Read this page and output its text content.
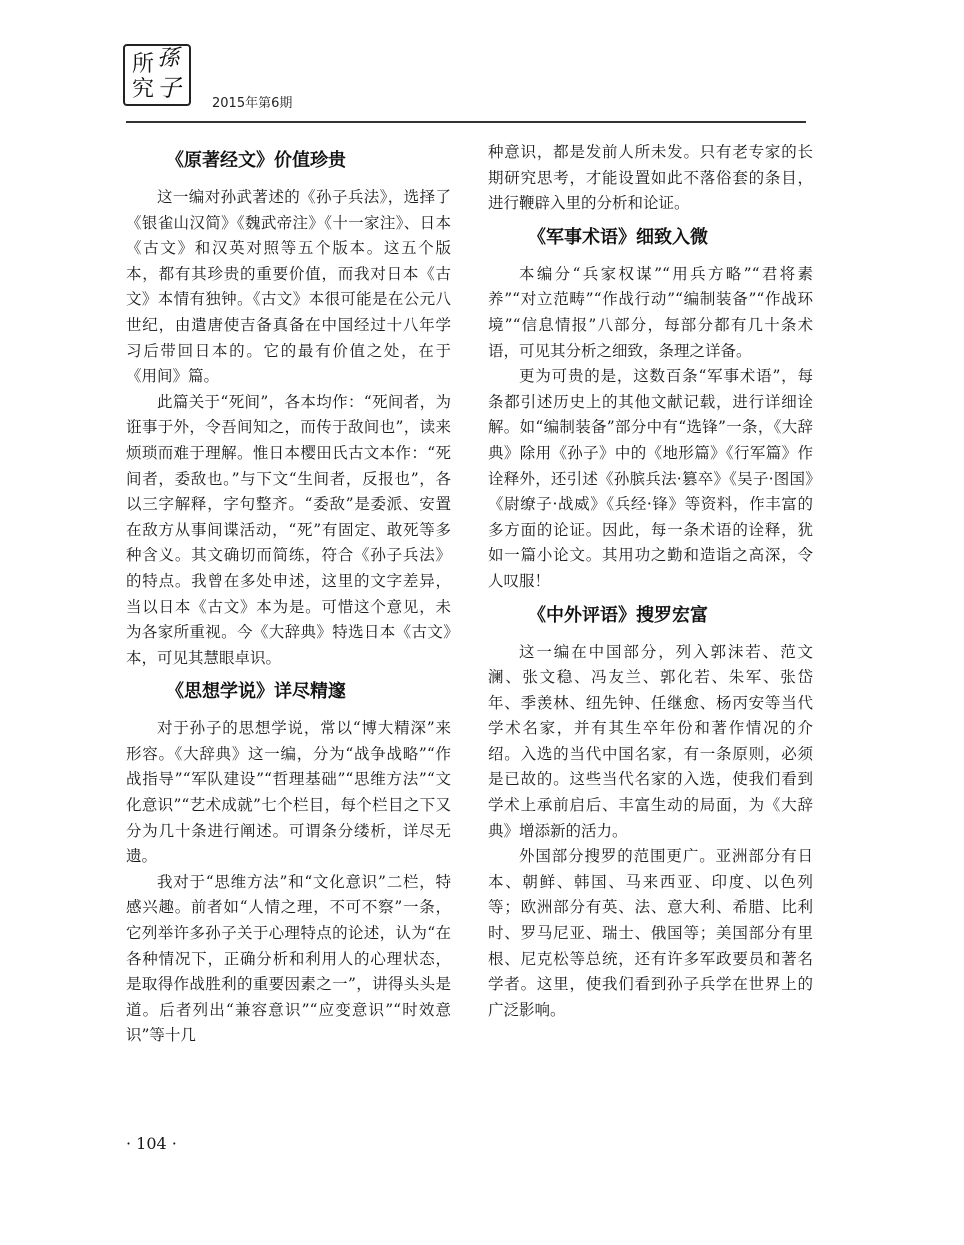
所 孫
究 子
2015年第6期
《原著经文》价值珍贵

这一编对孙武著述的《孙子兵法》，选择了《银雀山汉简》《魏武帝注》《十一家注》、日本《古文》和汉英对照等五个版本。这五个版本，都有其珍贵的重要价值，而我对日本《古文》本情有独钟。《古文》本很可能是在公元八世纪，由遣唐使吉备真备在中国经过十八年学习后带回日本的。它的最有价值之处，在于《用间》篇。

此篇关于“死间”，各本均作：“死间者，为诳事于外，令吾间知之，而传于敌间也”，读来烦琐而难于理解。惟日本樱田氏古文本作：“死间者，委敌也。”与下文“生间者，反报也”，各以三字解释，字句整齐。“委敌”是委派、安置在敌方从事间谍活动，“死”有固定、敢死等多种含义。其文确切而简练，符合《孙子兵法》的特点。我曾在多处申述，这里的文字差异，当以日本《古文》本为是。可惜这个意见，未为各家所重视。今《大辞典》特选日本《古文》本，可见其慧眼卓识。

《思想学说》详尽精邃

对于孙子的思想学说，常以“博大精深”来形容。《大辞典》这一编，分为“战争战略”“作战指导”“军队建设”“哲理基础”“思维方法”“文化意识”“艺术成就”七个栏目，每个栏目之下又分为几十条进行阐述。可谓条分缕析，详尽无遗。

我对于“思维方法”和“文化意识”二栏，特感兴趣。前者如“人情之理，不可不察”一条，它列举许多孙子关于心理特点的论述，认为“在各种情况下，正确分析和利用人的心理状态，是取得作战胜利的重要因素之一”，讲得头头是道。后者列出“兼容意识”“应变意识”“时效意识”等十几

种意识，都是发前人所未发。只有老专家的长期研究思考，才能设置如此不落俗套的条目，进行鞭辟入里的分析和论证。

《军事术语》细致入微

本编分“兵家权谋”“用兵方略”“君将素养”“对立范畴”“作战行动”“编制装备”“作战环境”“信息情报”八部分，每部分都有几十条术语，可见其分析之细致，条理之详备。

更为可贵的是，这数百条“军事术语”，每条都引述历史上的其他文献记载，进行详细诠解。如“编制装备”部分中有“选锋”一条，《大辞典》除用《孙子》中的《地形篇》《行军篇》作诠释外，还引述《孙膑兵法·篡卒》《吴子·图国》《尉缭子·战威》《兵经·锋》等资料，作丰富的多方面的论证。因此，每一条术语的诠释，犹如一篇小论文。其用功之勤和造诣之高深，令人叹服！

《中外评语》搜罗宏富

这一编在中国部分，列入郭沫若、范文澜、张文稳、冯友兰、郭化若、朱军、张岱年、季羡林、纽先钟、任继愈、杨丙安等当代学术名家，并有其生卒年份和著作情况的介绍。入选的当代中国名家，有一条原则，必须是已故的。这些当代名家的入选，使我们看到学术上承前启后、丰富生动的局面，为《大辞典》增添新的活力。

外国部分搜罗的范围更广。亚洲部分有日本、朝鲜、韩国、马来西亚、印度、以色列等；欧洲部分有英、法、意大利、希腊、比利时、罗马尼亚、瑞士、俄国等；美国部分有里根、尼克松等总统，还有许多军政要员和著名学者。这里，使我们看到孙子兵学在世界上的广泛影响。

· 104 ·
